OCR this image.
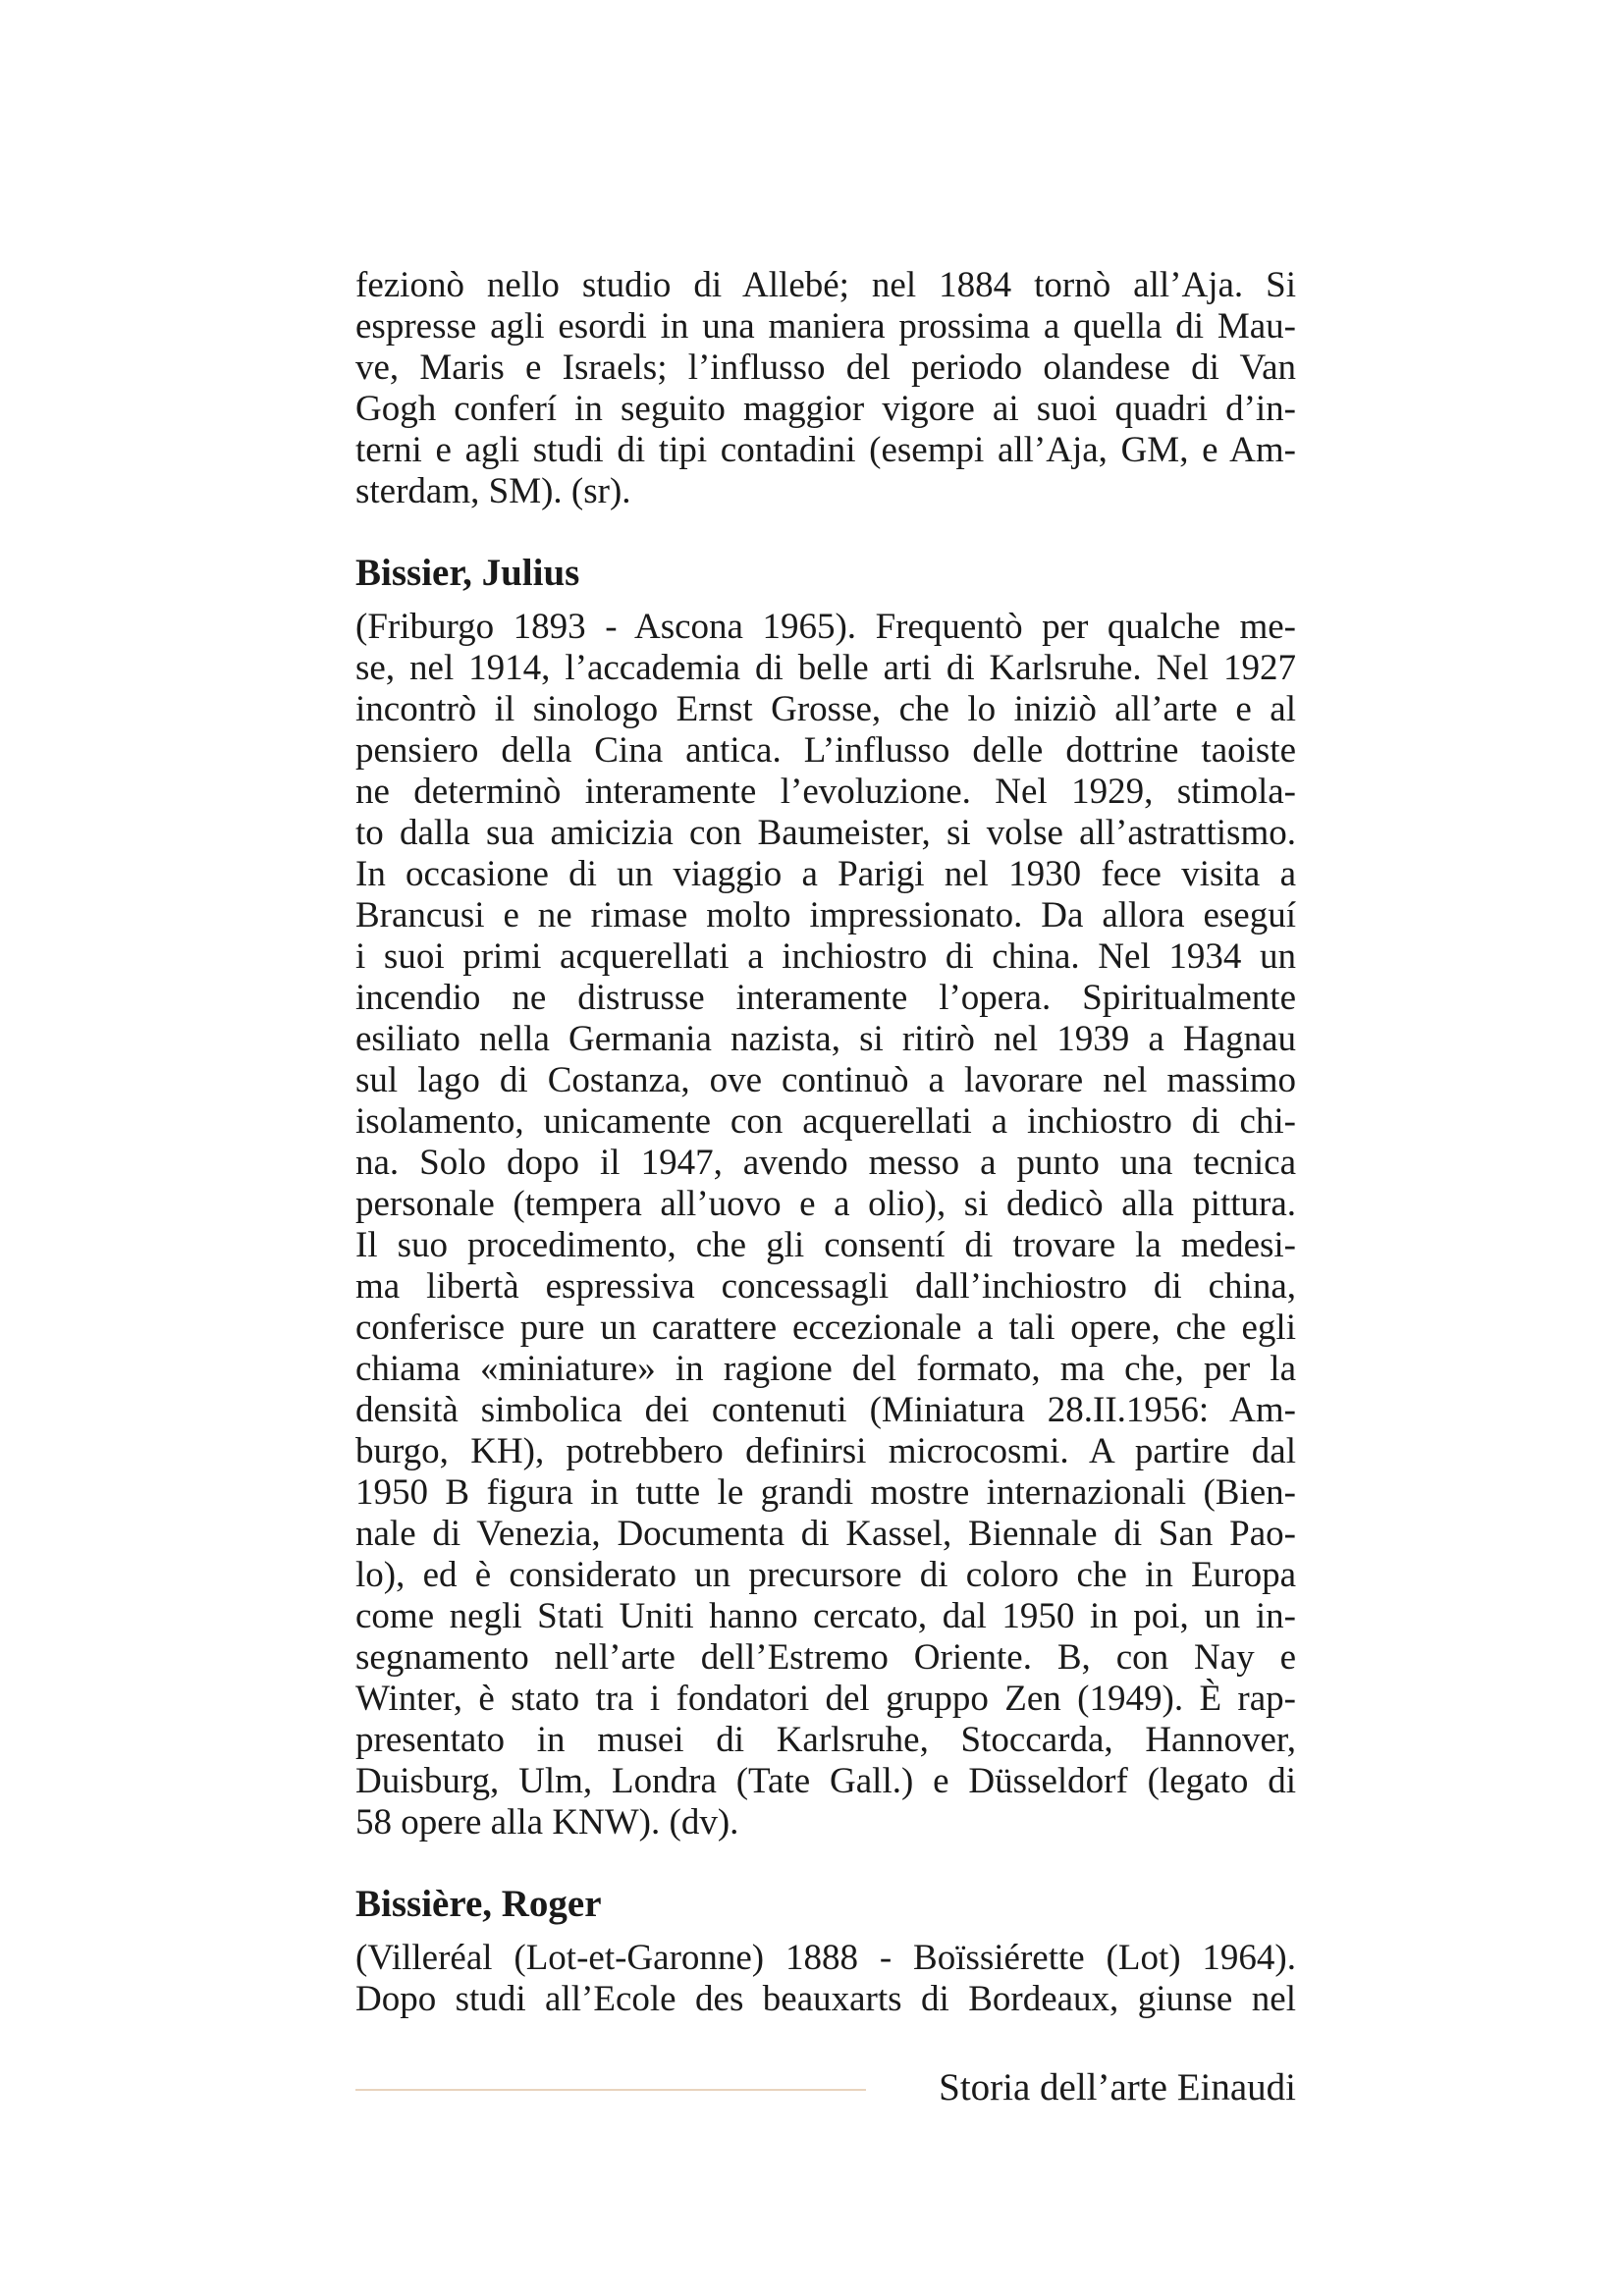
fezionò nello studio di Allebé; nel 1884 tornò all’Aja. Si
espresse agli esordi in una maniera prossima a quella di Mau-
ve, Maris e Israels; l’influsso del periodo olandese di Van
Gogh conferí in seguito maggior vigore ai suoi quadri d’in-
terni e agli studi di tipi contadini (esempi all’Aja, GM, e Am-
sterdam, SM). (sr).

Bissier, Julius

(Friburgo 1893 - Ascona 1965). Frequentò per qualche me-
se, nel 1914, l’accademia di belle arti di Karlsruhe. Nel 1927
incontrò il sinologo Ernst Grosse, che lo iniziò all’arte e al
pensiero della Cina antica. L’influsso delle dottrine taoiste
ne determinò interamente l’evoluzione. Nel 1929, stimola-
to dalla sua amicizia con Baumeister, si volse all’astrattismo.
In occasione di un viaggio a Parigi nel 1930 fece visita a
Brancusi e ne rimase molto impressionato. Da allora eseguí
i suoi primi acquerellati a inchiostro di china. Nel 1934 un
incendio ne distrusse interamente l’opera. Spiritualmente
esiliato nella Germania nazista, si ritirò nel 1939 a Hagnau
sul lago di Costanza, ove continuò a lavorare nel massimo
isolamento, unicamente con acquerellati a inchiostro di chi-
na. Solo dopo il 1947, avendo messo a punto una tecnica
personale (tempera all’uovo e a olio), si dedicò alla pittura.
Il suo procedimento, che gli consentí di trovare la medesi-
ma libertà espressiva concessagli dall’inchiostro di china,
conferisce pure un carattere eccezionale a tali opere, che egli
chiama «miniature» in ragione del formato, ma che, per la
densità simbolica dei contenuti (Miniatura 28.II.1956: Am-
burgo, KH), potrebbero definirsi microcosmi. A partire dal
1950 B figura in tutte le grandi mostre internazionali (Bien-
nale di Venezia, Documenta di Kassel, Biennale di San Pao-
lo), ed è considerato un precursore di coloro che in Europa
come negli Stati Uniti hanno cercato, dal 1950 in poi, un in-
segnamento nell’arte dell’Estremo Oriente. B, con Nay e
Winter, è stato tra i fondatori del gruppo Zen (1949). È rap-
presentato in musei di Karlsruhe, Stoccarda, Hannover,
Duisburg, Ulm, Londra (Tate Gall.) e Düsseldorf (legato di
58 opere alla KNW). (dv).

Bissière, Roger

(Villeréal (Lot-et-Garonne) 1888 - Boïssiérette (Lot) 1964).
Dopo studi all’Ecole des beauxarts di Bordeaux, giunse nel

Storia dell’arte Einaudi
